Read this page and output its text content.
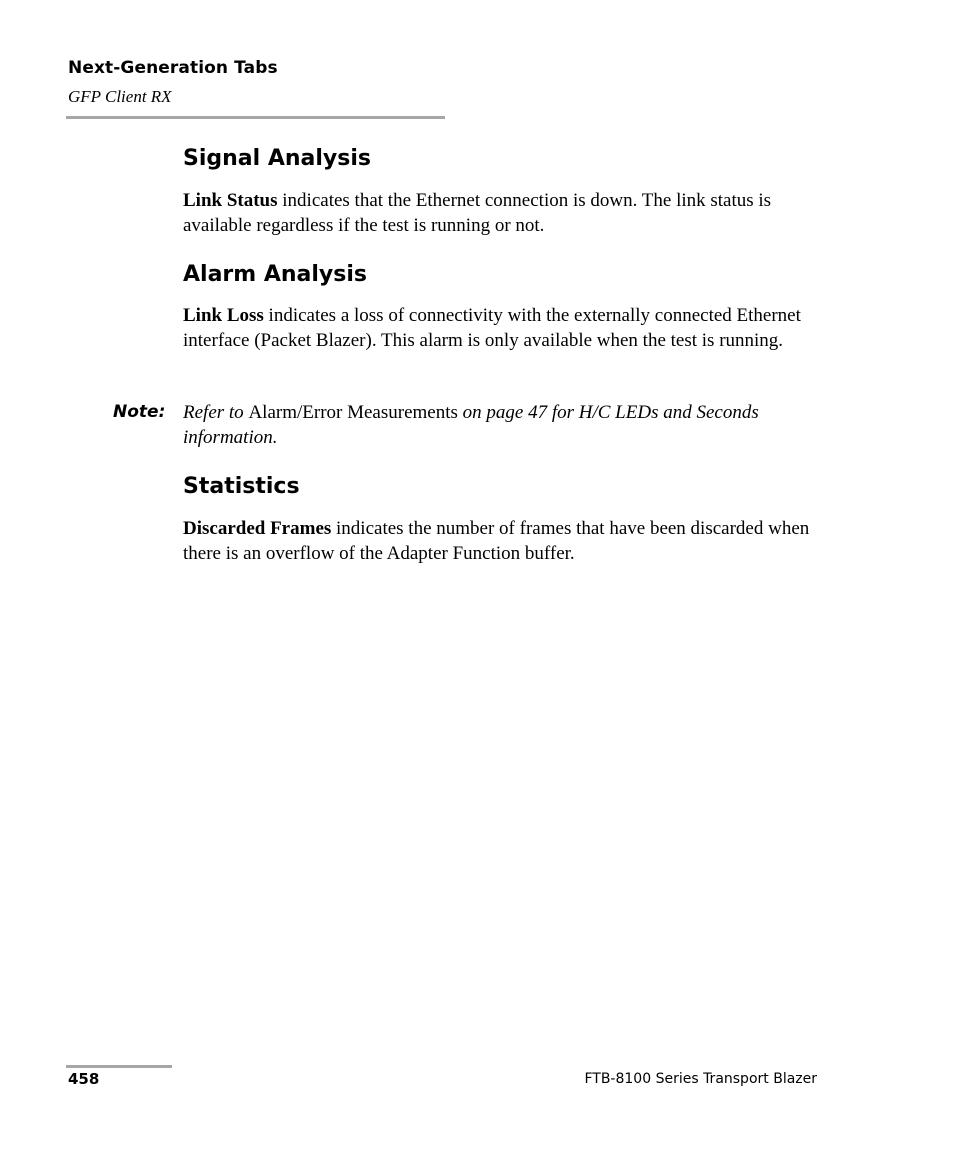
Next-Generation Tabs
GFP Client RX
Signal Analysis

Link Status indicates that the Ethernet connection is down. The link status is available regardless if the test is running or not.

Alarm Analysis

Link Loss indicates a loss of connectivity with the externally connected Ethernet interface (Packet Blazer). This alarm is only available when the test is running.

Note: Refer to Alarm/Error Measurements on page 47 for H/C LEDs and Seconds information.
Statistics

Discarded Frames indicates the number of frames that have been discarded when there is an overflow of the Adapter Function buffer.

458	FTB-8100 Series Transport Blazer
